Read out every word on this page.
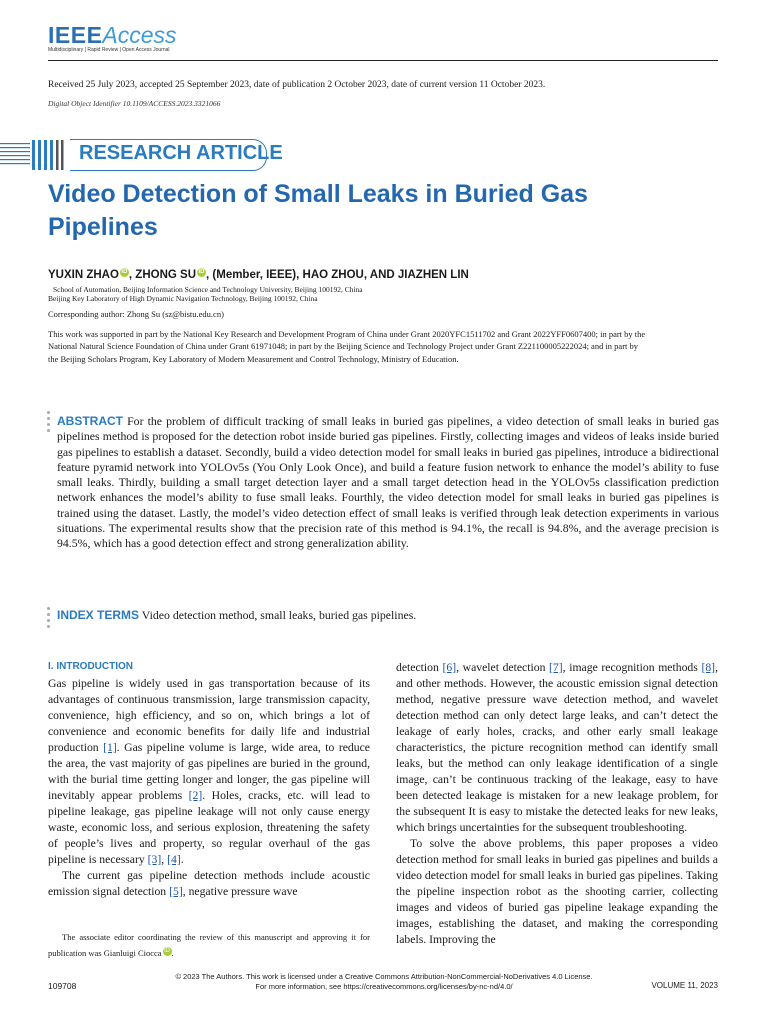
IEEEAccess
Multidisciplinary | Rapid Review | Open Access Journal
Received 25 July 2023, accepted 25 September 2023, date of publication 2 October 2023, date of current version 11 October 2023.
Digital Object Identifier 10.1109/ACCESS.2023.3321066
RESEARCH ARTICLE
Video Detection of Small Leaks in Buried Gas Pipelines
YUXIN ZHAO iD , ZHONG SU iD , (Member, IEEE), HAO ZHOU, AND JIAZHEN LIN
School of Automation, Beijing Information Science and Technology University, Beijing 100192, China
Beijing Key Laboratory of High Dynamic Navigation Technology, Beijing 100192, China
Corresponding author: Zhong Su (sz@bistu.edu.cn)
This work was supported in part by the National Key Research and Development Program of China under Grant 2020YFC1511702 and Grant 2022YFF0607400; in part by the National Natural Science Foundation of China under Grant 61971048; in part by the Beijing Science and Technology Project under Grant Z221100005222024; and in part by the Beijing Scholars Program, Key Laboratory of Modern Measurement and Control Technology, Ministry of Education.
ABSTRACT For the problem of difficult tracking of small leaks in buried gas pipelines, a video detection of small leaks in buried gas pipelines method is proposed for the detection robot inside buried gas pipelines. Firstly, collecting images and videos of leaks inside buried gas pipelines to establish a dataset. Secondly, build a video detection model for small leaks in buried gas pipelines, introduce a bidirectional feature pyramid network into YOLOv5s (You Only Look Once), and build a feature fusion network to enhance the model’s ability to fuse small leaks. Thirdly, building a small target detection layer and a small target detection head in the YOLOv5s classification prediction network enhances the model’s ability to fuse small leaks. Fourthly, the video detection model for small leaks in buried gas pipelines is trained using the dataset. Lastly, the model’s video detection effect of small leaks is verified through leak detection experiments in various situations. The experimental results show that the precision rate of this method is 94.1%, the recall is 94.8%, and the average precision is 94.5%, which has a good detection effect and strong generalization ability.
INDEX TERMS Video detection method, small leaks, buried gas pipelines.
I. INTRODUCTION

Gas pipeline is widely used in gas transportation because of its advantages of continuous transmission, large transmission capacity, convenience, high efficiency, and so on, which brings a lot of convenience and economic benefits for daily life and industrial production [1]. Gas pipeline volume is large, wide area, to reduce the area, the vast majority of gas pipelines are buried in the ground, with the burial time getting longer and longer, the gas pipeline will inevitably appear problems [2]. Holes, cracks, etc. will lead to pipeline leakage, gas pipeline leakage will not only cause energy waste, economic loss, and serious explosion, threatening the safety of people’s lives and property, so regular overhaul of the gas pipeline is necessary [3], [4].

The current gas pipeline detection methods include acoustic emission signal detection [5], negative pressure wave

The associate editor coordinating the review of this manuscript and approving it for publication was Gianluigi Ciocca iD .

detection [6], wavelet detection [7], image recognition methods [8], and other methods. However, the acoustic emission signal detection method, negative pressure wave detection method, and wavelet detection method can only detect large leaks, and can’t detect the leakage of early holes, cracks, and other early small leakage characteristics, the picture recognition method can identify small leaks, but the method can only leakage identification of a single image, can’t be continuous tracking of the leakage, easy to have been detected leakage is mistaken for a new leakage problem, for the subsequent It is easy to mistake the detected leaks for new leaks, which brings uncertainties for the subsequent troubleshooting.

To solve the above problems, this paper proposes a video detection method for small leaks in buried gas pipelines and builds a video detection model for small leaks in buried gas pipelines. Taking the pipeline inspection robot as the shooting carrier, collecting images and videos of buried gas pipeline leakage expanding the images, establishing the dataset, and making the corresponding labels. Improving the

© 2023 The Authors. This work is licensed under a Creative Commons Attribution-NonCommercial-NoDerivatives 4.0 License.
For more information, see https://creativecommons.org/licenses/by-nc-nd/4.0/
109708	VOLUME 11, 2023
